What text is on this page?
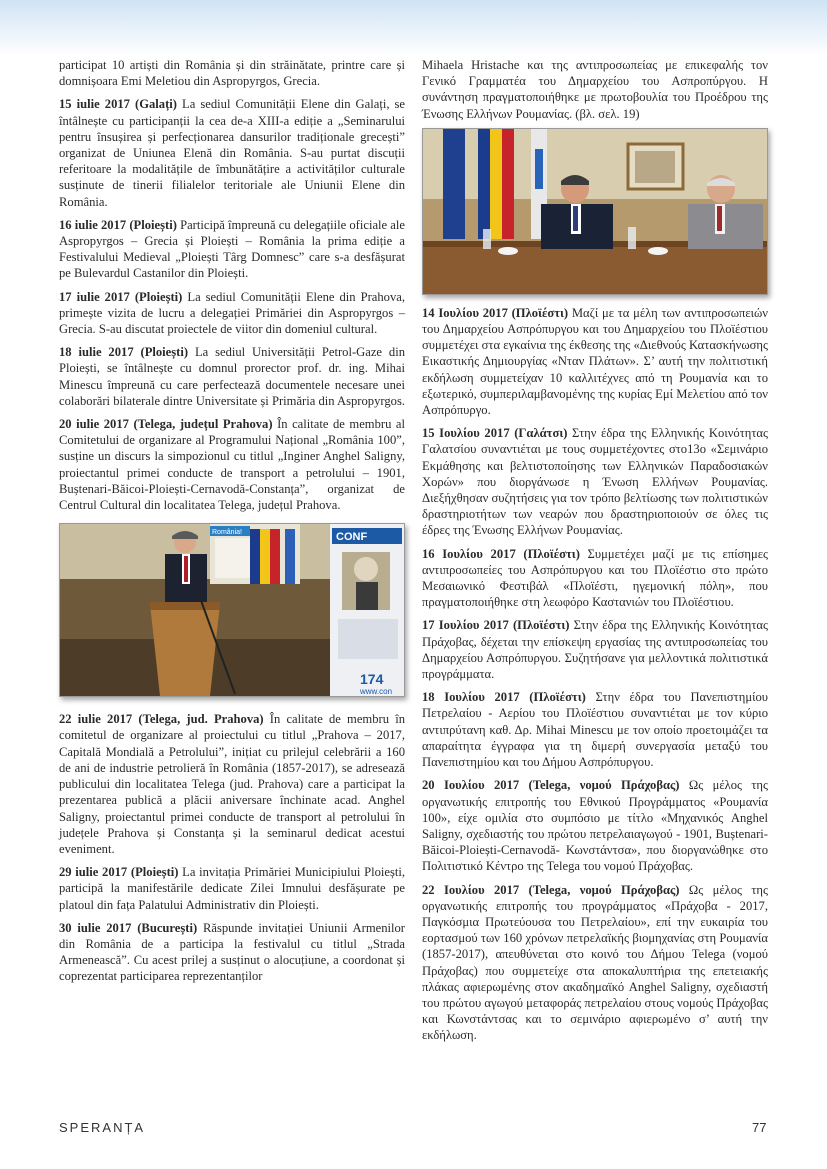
participat 10 artiști din România și din străinătate, printre care și domnișoara Emi Meletiou din Aspropyrgos, Grecia.

15 iulie 2017 (Galați) La sediul Comunității Elene din Galați, se întâlnește cu participanții la cea de-a XIII-a ediție a „Seminarului pentru însușirea și perfecționarea dansurilor tradiționale grecești” organizat de Uniunea Elenă din România. S-au purtat discuții referitoare la modalitățile de îmbunătățire a activităților culturale susținute de tinerii filialelor teritoriale ale Uniunii Elene din România.

16 iulie 2017 (Ploiești) Participă împreună cu delegațiile oficiale ale Aspropyrgos – Grecia și Ploiești – România la prima ediție a Festivalului Medieval „Ploiești Târg Domnesc” care s-a desfășurat pe Bulevardul Castanilor din Ploiești.

17 iulie 2017 (Ploiești) La sediul Comunității Elene din Prahova, primește vizita de lucru a delegației Primăriei din Aspropyrgos – Grecia. S-au discutat proiectele de viitor din domeniul cultural.

18 iulie 2017 (Ploiești) La sediul Universității Petrol-Gaze din Ploiești, se întâlnește cu domnul prorector prof. dr. ing. Mihai Minescu împreună cu care perfectează documentele necesare unei colaborări bilaterale dintre Universitate și Primăria din Aspropyrgos.

20 iulie 2017 (Telega, județul Prahova) În calitate de membru al Comitetului de organizare al Programului Național „România 100”, susține un discurs la simpozionul cu titlul „Inginer Anghel Saligny, proiectantul primei conducte de transport a petrolului – 1901, Buștenari-Băicoi-Ploiești-Cernavodă-Constanța”, organizat de Centrul Cultural din localitatea Telega, județul Prahova.

CONF
174
www.con
România!

22 iulie 2017 (Telega, jud. Prahova) În calitate de membru în comitetul de organizare al proiectului cu titlul „Prahova – 2017, Capitală Mondială a Petrolului”, inițiat cu prilejul celebrării a 160 de ani de industrie petrolieră în România (1857-2017), se adresează publicului din localitatea Telega (jud. Prahova) care a participat la prezentarea publică a plăcii aniversare închinate acad. Anghel Saligny, proiectantul primei conducte de transport al petrolului în județele Prahova și Constanța și la seminarul dedicat acestui eveniment.

29 iulie 2017 (Ploiești) La invitația Primăriei Municipiului Ploiești, participă la manifestările dedicate Zilei Imnului desfășurate pe platoul din fața Palatului Administrativ din Ploiești.

30 iulie 2017 (București) Răspunde invitației Uniunii Armenilor din România de a participa la festivalul cu titlul „Strada Armenească”. Cu acest prilej a susținut o alocuțiune, a coordonat și coprezentat participarea reprezentanților

Mihaela Hristache και της αντιπροσωπείας με επικεφαλής τον Γενικό Γραμματέα του Δημαρχείου του Ασπροπύργου. Η συνάντηση πραγματοποιήθηκε με πρωτοβουλία του Προέδρου της Ένωσης Ελλήνων Ρουμανίας. (βλ. σελ. 19)

14 Ιουλίου 2017 (Πλοϊέστι) Μαζί με τα μέλη των αντιπροσωπειών του Δημαρχείου Ασπρόπυργου και του Δημαρχείου του Πλοϊέστιου συμμετέχει στα εγκαίνια της έκθεσης της «Διεθνούς Κατασκήνωσης Εικαστικής Δημιουργίας «Νταν Πλάτων». Σ’ αυτή την πολιτιστική εκδήλωση συμμετείχαν 10 καλλιτέχνες από τη Ρουμανία και το εξωτερικό, συμπεριλαμβανομένης της κυρίας Εμί Μελετίου από τον Ασπρόπυργο.

15 Ιουλίου 2017 (Γαλάτσι) Στην έδρα της Ελληνικής Κοινότητας Γαλατσίου συναντιέται με τους συμμετέχοντες στο13ο «Σεμινάριο Εκμάθησης και βελτιστοποίησης των Ελληνικών Παραδοσιακών Χορών» που διοργάνωσε η Ένωση Ελλήνων Ρουμανίας. Διεξήχθησαν συζητήσεις για τον τρόπο βελτίωσης των πολιτιστικών δραστηριοτήτων των νεαρών που δραστηριοποιούν σε όλες τις έδρες της Ένωσης Ελλήνων Ρουμανίας.

16 Ιουλίου 2017 (Πλοϊέστι) Συμμετέχει μαζί με τις επίσημες αντιπροσωπείες του Ασπρόπυργου και του Πλοϊέστιο στο πρώτο Μεσαιωνικό Φεστιβάλ «Πλοϊέστι, ηγεμονική πόλη», που πραγματοποιήθηκε στη λεωφόρο Καστανιών του Πλοϊέστιου.

17 Ιουλίου 2017 (Πλοϊέστι) Στην έδρα της Ελληνικής Κοινότητας Πράχοβας, δέχεται την επίσκεψη εργασίας της αντιπροσωπείας του Δημαρχείου Ασπρόπυργου. Συζητήσανε για μελλοντικά πολιτιστικά προγράμματα.

18 Ιουλίου 2017 (Πλοϊέστι) Στην έδρα του Πανεπιστημίου Πετρελαίου - Αερίου του Πλοϊέστιου συναντιέται με τον κύριο αντιπρύτανη καθ. Δρ. Mihai Minescu με τον οποίο προετοιμάζει τα απαραίτητα έγγραφα για τη διμερή συνεργασία μεταξύ του Πανεπιστημίου και του Δήμου Ασπρόπυργου.

20 Ιουλίου 2017 (Telega, νομού Πράχοβας) Ως μέλος της οργανωτικής επιτροπής του Εθνικού Προγράμματος «Ρουμανία 100», είχε ομιλία στο συμπόσιο με τίτλο «Μηχανικός Anghel Saligny, σχεδιαστής του πρώτου πετρελαιαγωγού - 1901, Buștenari-Băicoi-Ploiești-Cernavodă- Κωνστάντσα», που διοργανώθηκε στο Πολιτιστικό Κέντρο της Telega του νομού Πράχοβας.

22 Ιουλίου 2017 (Telega, νομού Πράχοβας) Ως μέλος της οργανωτικής επιτροπής του προγράμματος «Πράχοβα - 2017, Παγκόσμια Πρωτεύουσα του Πετρελαίου», επί την ευκαιρία του εορτασμού των 160 χρόνων πετρελαϊκής βιομηχανίας στη Ρουμανία (1857-2017), απευθύνεται στο κοινό του Δήμου Telega (νομού Πράχοβας) που συμμετείχε στα αποκαλυπτήρια της επετειακής πλάκας αφιερωμένης στον ακαδημαϊκό Anghel Saligny, σχεδιαστή του πρώτου αγωγού μεταφοράς πετρελαίου στους νομούς Πράχοβας και Κωνστάντσας και το σεμινάριο αφιερωμένο σ’ αυτή την εκδήλωση.

SPERANȚA	77
